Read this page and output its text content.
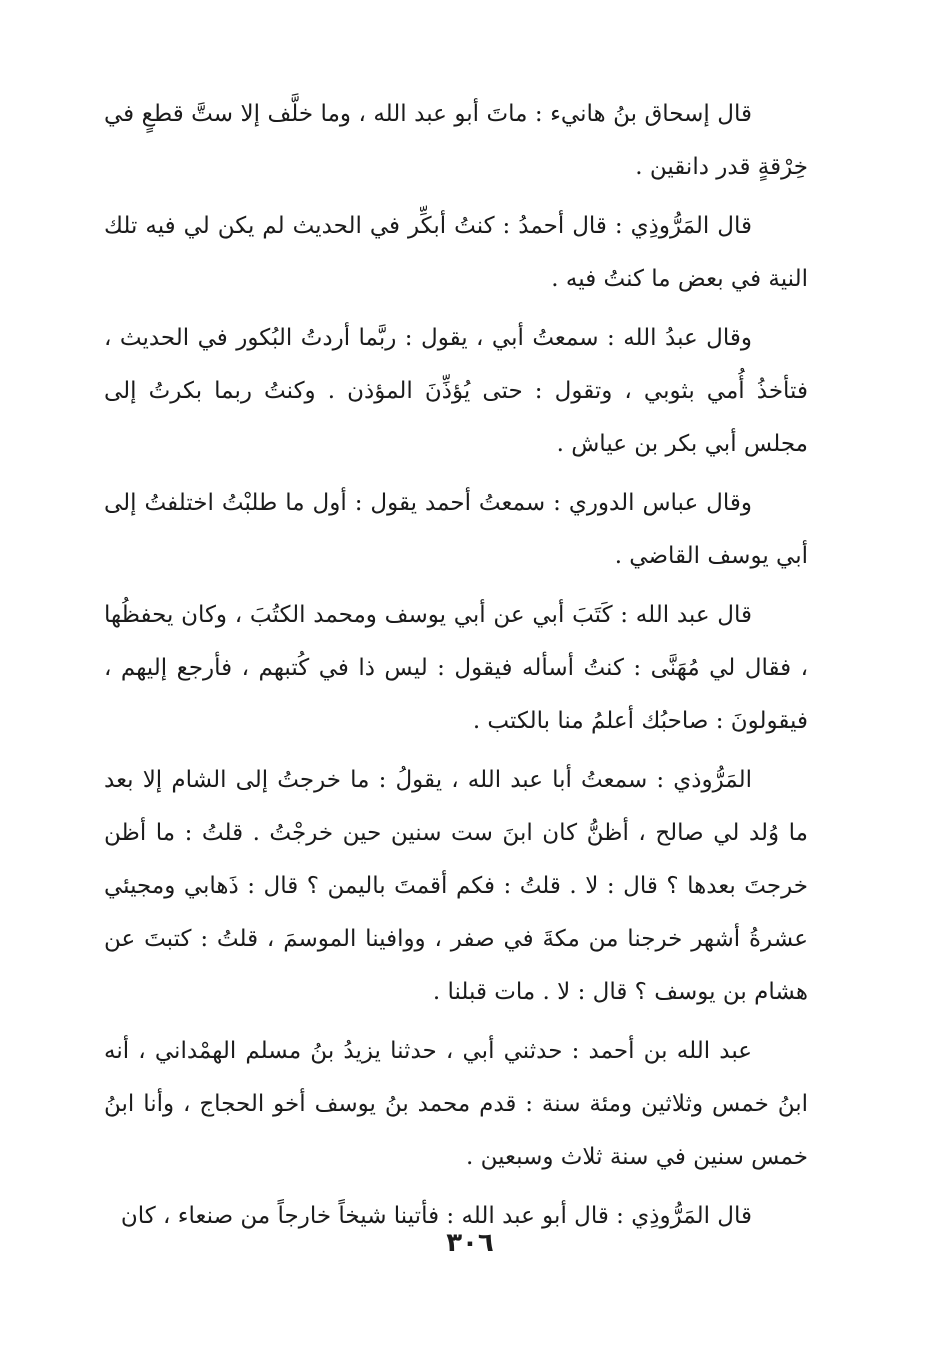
قال إسحاق بنُ هانيء : ماتَ أبو عبد الله ، وما خلَّف إلا ستَّ قطعٍ في خِرْقةٍ قدر دانقين .

قال المَرُّوذِي : قال أحمدُ : كنتُ أبكِّر في الحديث لم يكن لي فيه تلك النية في بعض ما كنتُ فيه .

وقال عبدُ الله : سمعتُ أبي ، يقول : ربَّما أردتُ البُكور في الحديث ، فتأخذُ أُمي بثوبي ، وتقول : حتى يُؤذِّنَ المؤذن . وكنتُ ربما بكرتُ إلى مجلس أبي بكر بن عياش .

وقال عباس الدوري : سمعتُ أحمد يقول : أول ما طلبْتُ اختلفتُ إلى أبي يوسف القاضي .

قال عبد الله : كَتَبَ أبي عن أبي يوسف ومحمد الكتُبَ ، وكان يحفظُها ، فقال لي مُهَنَّى : كنتُ أسأله فيقول : ليس ذا في كُتبهم ، فأرجع إليهم ، فيقولونَ : صاحبُك أعلمُ منا بالكتب .

المَرُّوذي : سمعتُ أبا عبد الله ، يقولُ : ما خرجتُ إلى الشام إلا بعد ما وُلد لي صالح ، أظنُّ كان ابنَ ست سنين حين خرجْتُ . قلتُ : ما أظن خرجتَ بعدها ؟ قال : لا . قلتُ : فكم أقمتَ باليمن ؟ قال : ذَهابي ومجيئي عشرةُ أشهر خرجنا من مكةَ في صفر ، ووافينا الموسمَ ، قلتُ : كتبتَ عن هشام بن يوسف ؟ قال : لا . مات قبلنا .

عبد الله بن أحمد : حدثني أبي ، حدثنا يزيدُ بنُ مسلم الهمْداني ، أنه ابنُ خمس وثلاثين ومئة سنة : قدم محمد بنُ يوسف أخو الحجاج ، وأنا ابنُ خمس سنين في سنة ثلاث وسبعين .

قال المَرُّوذِي : قال أبو عبد الله : فأتينا شيخاً خارجاً من صنعاء ، كان

٣٠٦
